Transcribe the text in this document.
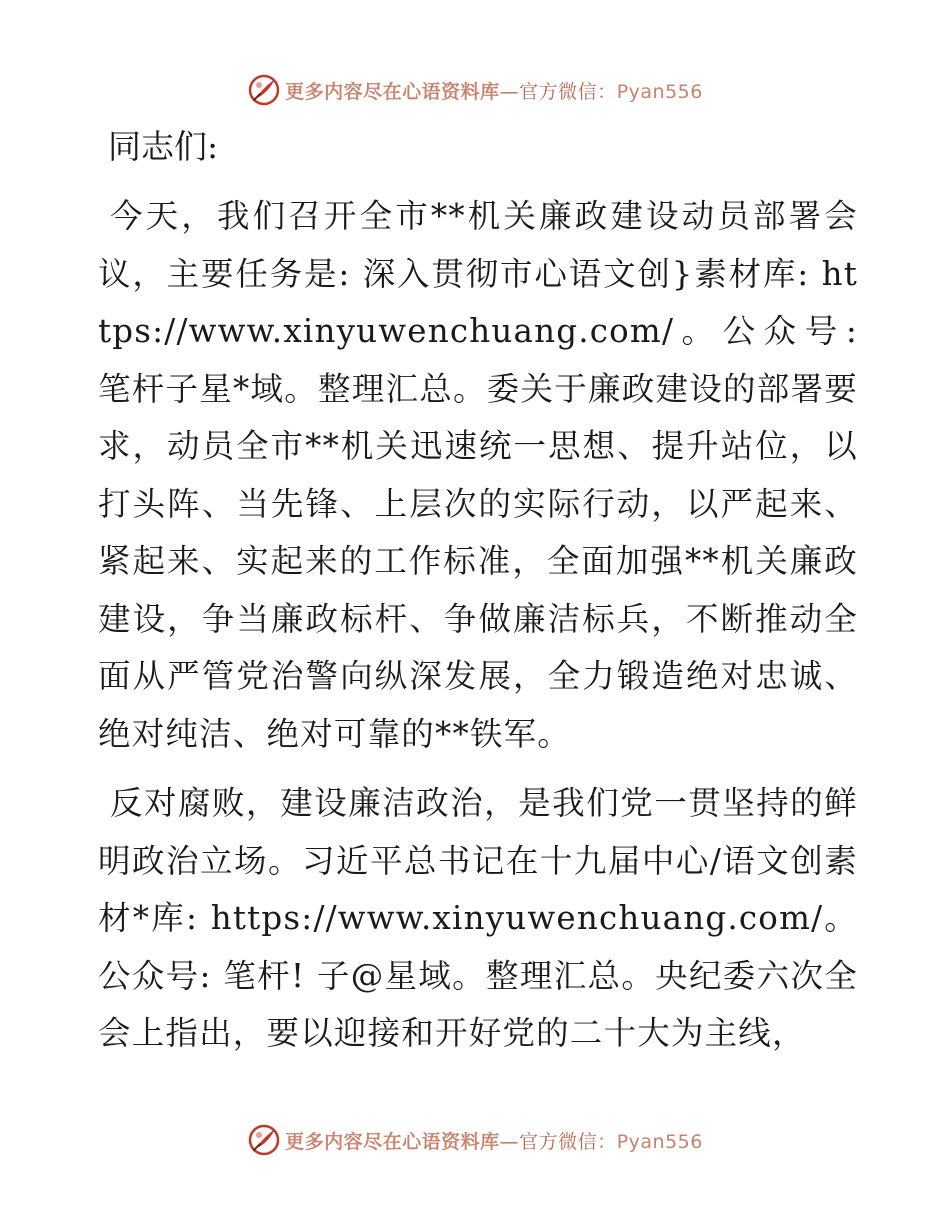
更多内容尽在心语资料库—官方微信：Pyan556
同志们:

今天，我们召开全市**机关廉政建设动员部署会议，主要任务是: 深入贯彻市心语文创}素材库: https://www.xinyuwenchuang.com/。公众号: 笔杆子星*域。整理汇总。委关于廉政建设的部署要求，动员全市**机关迅速统一思想、提升站位，以打头阵、当先锋、上层次的实际行动，以严起来、紧起来、实起来的工作标准，全面加强**机关廉政建设，争当廉政标杆、争做廉洁标兵，不断推动全面从严管党治警向纵深发展，全力锻造绝对忠诚、绝对纯洁、绝对可靠的**铁军。

反对腐败，建设廉洁政治，是我们党一贯坚持的鲜明政治立场。习近平总书记在十九届中心/语文创素材*库: https://www.xinyuwenchuang.com/。公众号: 笔杆! 子@星域。整理汇总。央纪委六次全会上指出，要以迎接和开好党的二十大为主线，

更多内容尽在心语资料库—官方微信：Pyan556
